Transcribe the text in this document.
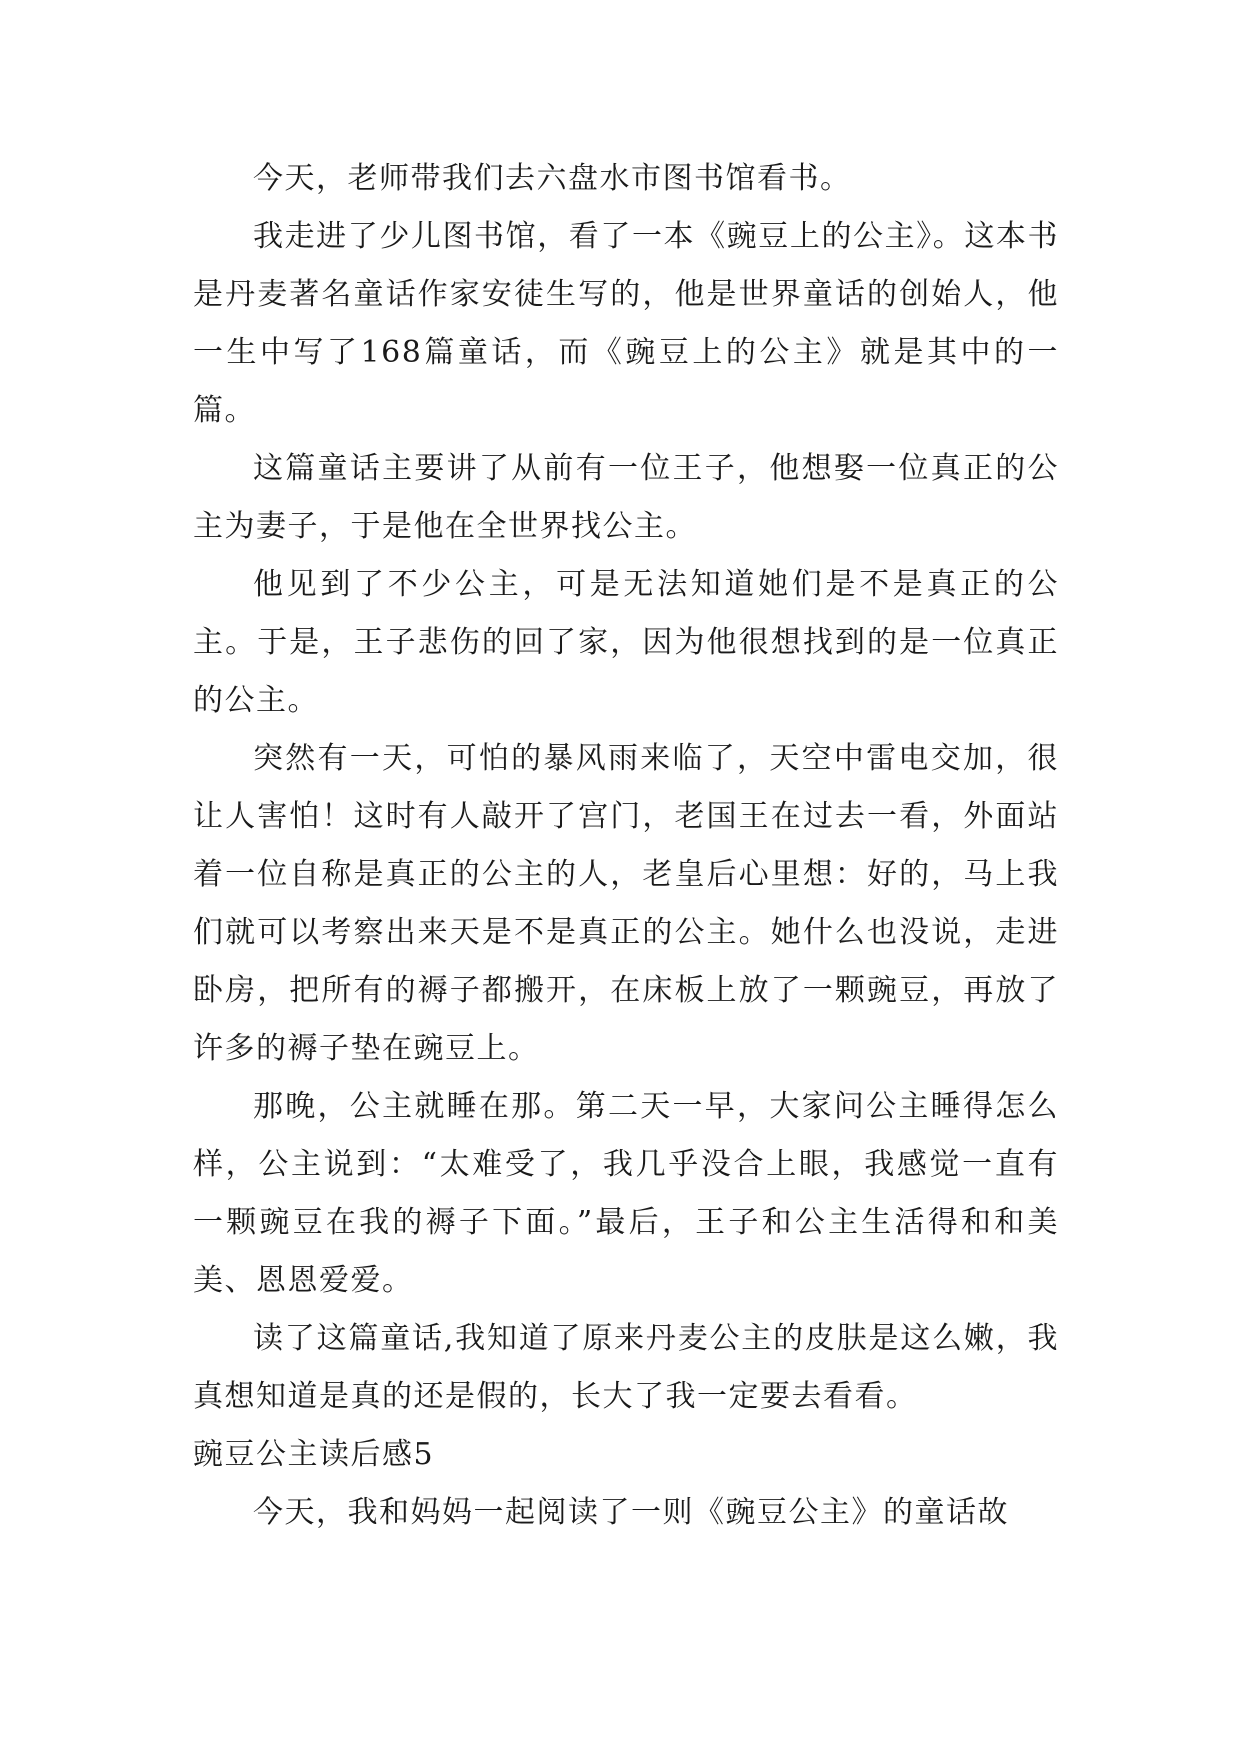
今天，老师带我们去六盘水市图书馆看书。

我走进了少儿图书馆，看了一本《豌豆上的公主》。这本书是丹麦著名童话作家安徒生写的，他是世界童话的创始人，他一生中写了168篇童话，而《豌豆上的公主》就是其中的一篇。

这篇童话主要讲了从前有一位王子，他想娶一位真正的公主为妻子，于是他在全世界找公主。

他见到了不少公主，可是无法知道她们是不是真正的公主。于是，王子悲伤的回了家，因为他很想找到的是一位真正的公主。

突然有一天，可怕的暴风雨来临了，天空中雷电交加，很让人害怕！这时有人敲开了宫门，老国王在过去一看，外面站着一位自称是真正的公主的人，老皇后心里想：好的，马上我们就可以考察出来天是不是真正的公主。她什么也没说，走进卧房，把所有的褥子都搬开，在床板上放了一颗豌豆，再放了许多的褥子垫在豌豆上。

那晚，公主就睡在那。第二天一早，大家问公主睡得怎么样，公主说到：“太难受了，我几乎没合上眼，我感觉一直有一颗豌豆在我的褥子下面。”最后，王子和公主生活得和和美美、恩恩爱爱。

读了这篇童话,我知道了原来丹麦公主的皮肤是这么嫩，我真想知道是真的还是假的，长大了我一定要去看看。

豌豆公主读后感5

今天，我和妈妈一起阅读了一则《豌豆公主》的童话故
